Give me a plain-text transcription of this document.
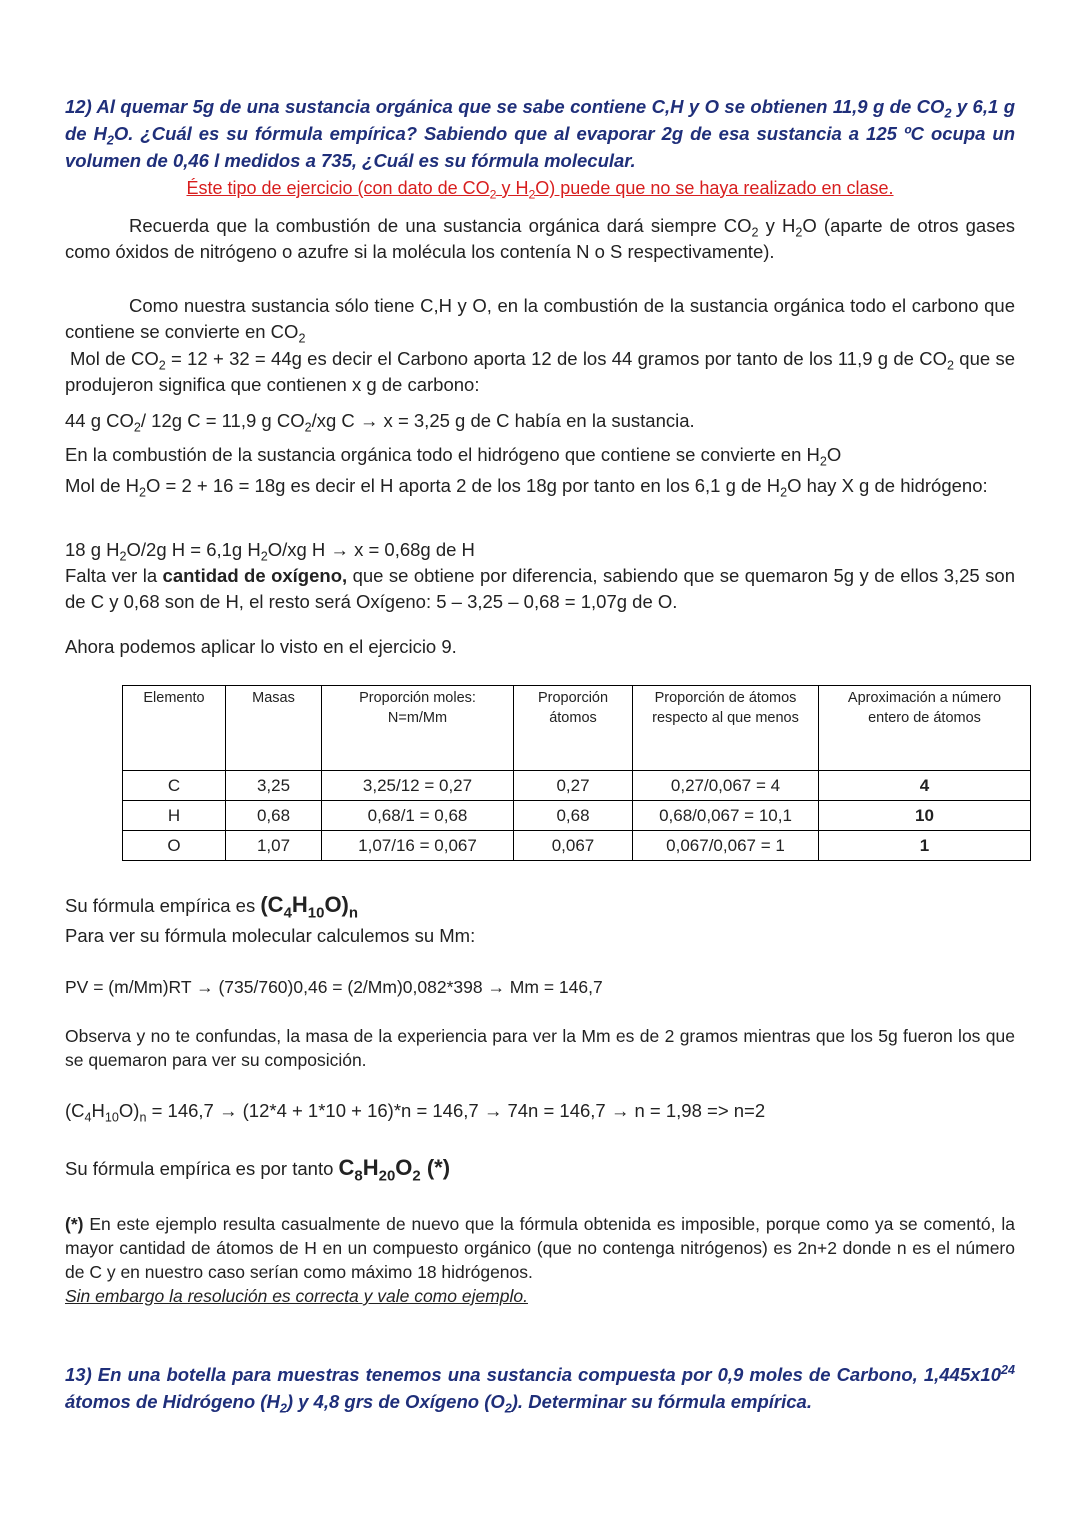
12) Al quemar 5g de una sustancia orgánica que se sabe contiene C,H y O se obtienen 11,9 g de $CO_2$ y 6,1 g de $H_2O$. ¿Cuál es su fórmula empírica? Sabiendo que al evaporar 2g de esa sustancia a 125 ºC ocupa un volumen de 0,46 l medidos a 735, ¿Cuál es su fórmula molecular.
Éste tipo de ejercicio (con dato de $CO_2$ y $H_2O$) puede que no se haya realizado en clase.
Recuerda que la combustión de una sustancia orgánica dará siempre $CO_2$ y $H_2O$ (aparte de otros gases como óxidos de nitrógeno o azufre si la molécula los contenía N o S respectivamente).
Como nuestra sustancia sólo tiene C,H y O, en la combustión de la sustancia orgánica todo el carbono que contiene se convierte en $CO_2$
Mol de $CO_2 = 12 + 32 = 44g$ es decir el Carbono aporta 12 de los 44 gramos por tanto de los 11,9 g de $CO_2$ que se produjeron significa que contienen x g de carbono:
44 g $CO_2/$ 12g C = 11,9 g $CO_2/xg$ C → x = 3,25 g de C había en la sustancia.
En la combustión de la sustancia orgánica todo el hidrógeno que contiene se convierte en $H_2O$
Mol de $H_2O = 2 + 16 = 18g$ es decir el H aporta 2 de los 18g por tanto en los 6,1 g de $H_2O$ hay X g de hidrógeno:
18 g $H_2O/2g$ H = 6,1g $H_2O/xg$ H → x = 0,68g de H
Falta ver la cantidad de oxígeno, que se obtiene por diferencia, sabiendo que se quemaron 5g y de ellos 3,25 son de C y 0,68 son de H, el resto será Oxígeno: 5 – 3,25 – 0,68 = 1,07g de O.
Ahora podemos aplicar lo visto en el ejercicio 9.
Elemento	Masas	Proporción moles: N=m/Mm	Proporción átomos	Proporción de átomos respecto al que menos	Aproximación a número entero de átomos
C	3,25	3,25/12 = 0,27	0,27	0,27/0,067 = 4	4
H	0,68	0,68/1 = 0,68	0,68	0,68/0,067 = 10,1	10
O	1,07	1,07/16 = 0,067	0,067	0,067/0,067 = 1	1
Su fórmula empírica es $(C_4H_{10}O)_n$
Para ver su fórmula molecular calculemos su Mm:
PV = (m/Mm)RT → (735/760)0,46 = (2/Mm)0,082*398 → Mm = 146,7
Observa y no te confundas, la masa de la experiencia para ver la Mm es de 2 gramos mientras que los 5g fueron los que se quemaron para ver su composición.
$(C_4H_{10}O)_n = 146,7 \to (12*4 + 1*10 + 16)*n = 146,7 \to 74n = 146,7 \to n = 1,98 => n=2$
Su fórmula empírica es por tanto $C_8H_{20}O_2$ (*)
(*) En este ejemplo resulta casualmente de nuevo que la fórmula obtenida es imposible, porque como ya se comentó, la mayor cantidad de átomos de H en un compuesto orgánico (que no contenga nitrógenos) es 2n+2 donde n es el número de C y en nuestro caso serían como máximo 18 hidrógenos.
Sin embargo la resolución es correcta y vale como ejemplo.
13) En una botella para muestras tenemos una sustancia compuesta por 0,9 moles de Carbono, $1,445x10^{24}$ átomos de Hidrógeno $(H_2)$ y 4,8 grs de Oxígeno $(O_2)$. Determinar su fórmula empírica.
